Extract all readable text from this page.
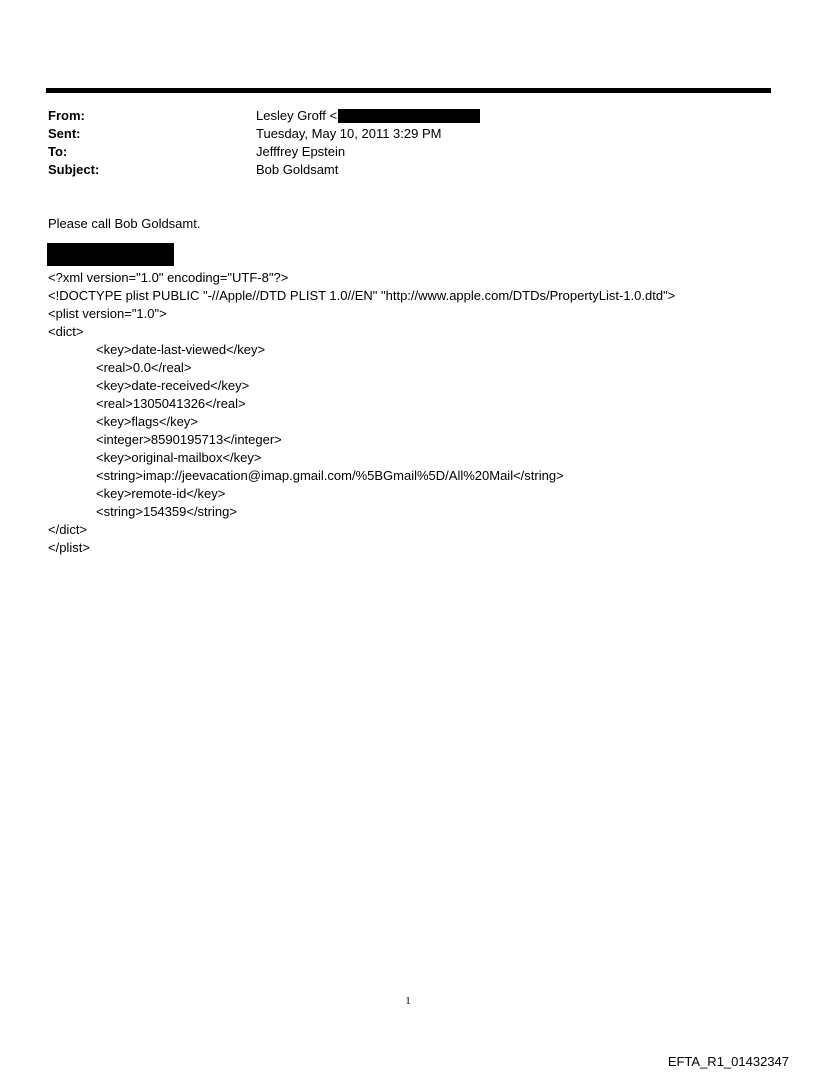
From:	Lesley Groff <
Sent:	Tuesday, May 10, 2011 3:29 PM
To:	Jefffrey Epstein
Subject:	Bob Goldsamt
Please call Bob Goldsamt.
<?xml version="1.0" encoding="UTF-8"?>
<!DOCTYPE plist PUBLIC "-//Apple//DTD PLIST 1.0//EN" "http://www.apple.com/DTDs/PropertyList-1.0.dtd">
<plist version="1.0">
<dict>
<key>date-last-viewed</key>
<real>0.0</real>
<key>date-received</key>
<real>1305041326</real>
<key>flags</key>
<integer>8590195713</integer>
<key>original-mailbox</key>
<string>imap://jeevacation@imap.gmail.com/%5BGmail%5D/All%20Mail</string>
<key>remote-id</key>
<string>154359</string>
</dict>
</plist>
1
EFTA_R1_01432347
